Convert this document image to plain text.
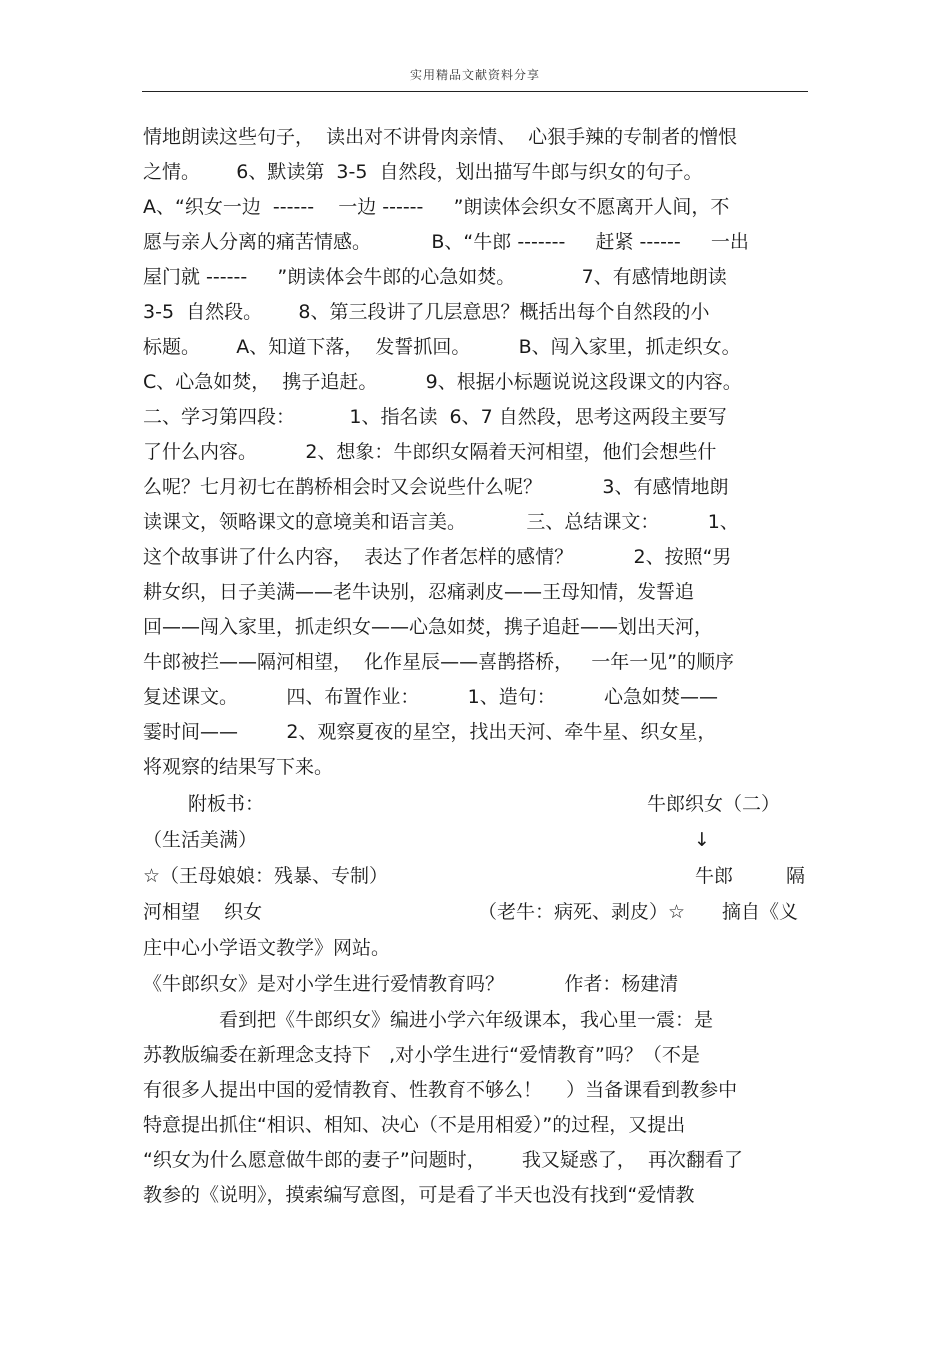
实用精品文献资料分享
情地朗读这些句子，  读出对不讲骨肉亲情、  心狠手辣的专制者的憎恨
之情。      6、默读第  3-5  自然段，划出描写牛郎与织女的句子。
A、“织女一边  ------    一边 ------     ”朗读体会织女不愿离开人间，不
愿与亲人分离的痛苦情感。          B、“牛郎 -------     赶紧 ------     一出
屋门就 ------     ”朗读体会牛郎的心急如焚。           7、有感情地朗读
3-5  自然段。      8、第三段讲了几层意思？概括出每个自然段的小
标题。      A、知道下落，  发誓抓回。        B、闯入家里，抓走织女。
C、心急如焚，  携子追赶。        9、根据小标题说说这段课文的内容。
二、学习第四段：         1、指名读  6、7 自然段，思考这两段主要写
了什么内容。        2、想象：牛郎织女隔着天河相望，他们会想些什
么呢？七月初七在鹊桥相会时又会说些什么呢？          3、有感情地朗
读课文，领略课文的意境美和语言美。          三、总结课文：        1、
这个故事讲了什么内容，  表达了作者怎样的感情？          2、按照“男
耕女织，日子美满——老牛诀别，忍痛剥皮——王母知情，发誓追
回——闯入家里，抓走织女——心急如焚，携子追赶——划出天河，
牛郎被拦——隔河相望，  化作星辰——喜鹊搭桥，   一年一见”的顺序
复述课文。        四、布置作业：        1、造句：        心急如焚——
霎时间——        2、观察夏夜的星空，找出天河、牵牛星、织女星，
将观察的结果写下来。
附板书：	牛郎织女（二）
（生活美满）	↓
☆（王母娘娘：残暴、专制）	牛郎	隔
河相望    织女	（老牛：病死、剥皮）☆ 摘自《义
庄中心小学语文教学》网站。
《牛郎织女》是对小学生进行爱情教育吗？          作者：杨建清
看到把《牛郎织女》编进小学六年级课本，我心里一震：是
苏教版编委在新理念支持下   ,对小学生进行“爱情教育”吗？（不是
有很多人提出中国的爱情教育、性教育不够么！    ）当备课看到教参中
特意提出抓住“相识、相知、决心（不是用相爱）”的过程，又提出
“织女为什么愿意做牛郎的妻子”问题时，      我又疑惑了，  再次翻看了
教参的《说明》，摸索编写意图，可是看了半天也没有找到“爱情教
